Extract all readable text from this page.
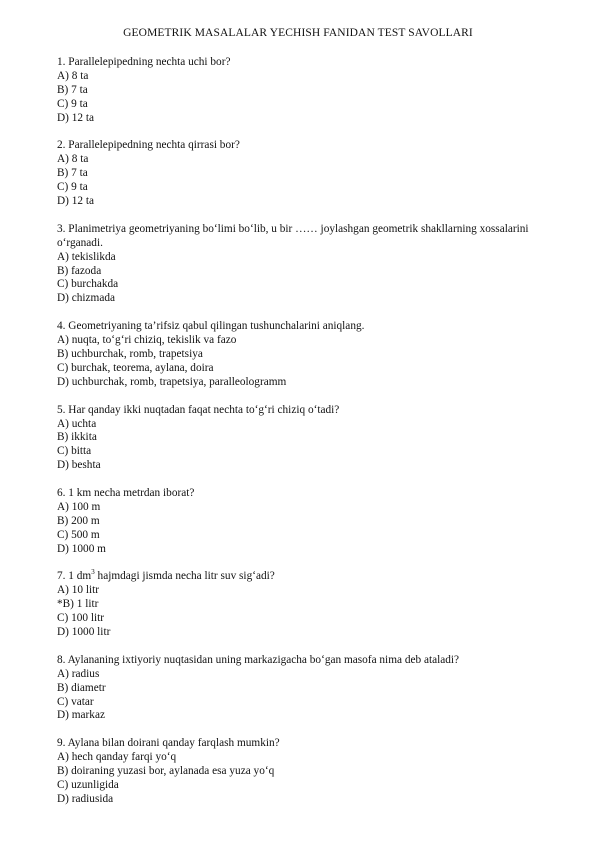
GEOMETRIK MASALALAR YECHISH FANIDAN TEST SAVOLLARI

1. Parallelepipedning nechta uchi bor?

A) 8 ta

B) 7 ta

C) 9 ta

D) 12 ta

2. Parallelepipedning nechta qirrasi bor?

A) 8 ta

B) 7 ta

C) 9 ta

D) 12 ta

3. Planimetriya geometriyaning bo‘limi bo‘lib, u bir …… joylashgan geometrik shakllarning xossalarini o‘rganadi.

A) tekislikda

B) fazoda

C) burchakda

D) chizmada

4. Geometriyaning ta’rifsiz qabul qilingan tushunchalarini aniqlang.

A) nuqta, to‘g‘ri chiziq, tekislik va fazo

B) uchburchak, romb, trapetsiya

C) burchak, teorema, aylana, doira

D) uchburchak, romb, trapetsiya, paralleologramm

5. Har qanday ikki nuqtadan faqat nechta to‘g‘ri chiziq o‘tadi?

A) uchta

B) ikkita

C) bitta

D) beshta

6. 1 km necha metrdan iborat?

A) 100 m

B) 200 m

C) 500 m

D) 1000 m

7. 1 $dm^3$ hajmdagi jismda necha litr suv sig‘adi?

A) 10 litr

*B) 1 litr

C) 100 litr

D) 1000 litr

8. Aylananing ixtiyoriy nuqtasidan uning markazigacha bo‘gan masofa nima deb ataladi?

A) radius

B) diametr

C) vatar

D) markaz

9. Aylana bilan doirani qanday farqlash mumkin?

A) hech qanday farqi yo‘q

B) doiraning yuzasi bor, aylanada esa yuza yo‘q

C) uzunligida

D) radiusida
